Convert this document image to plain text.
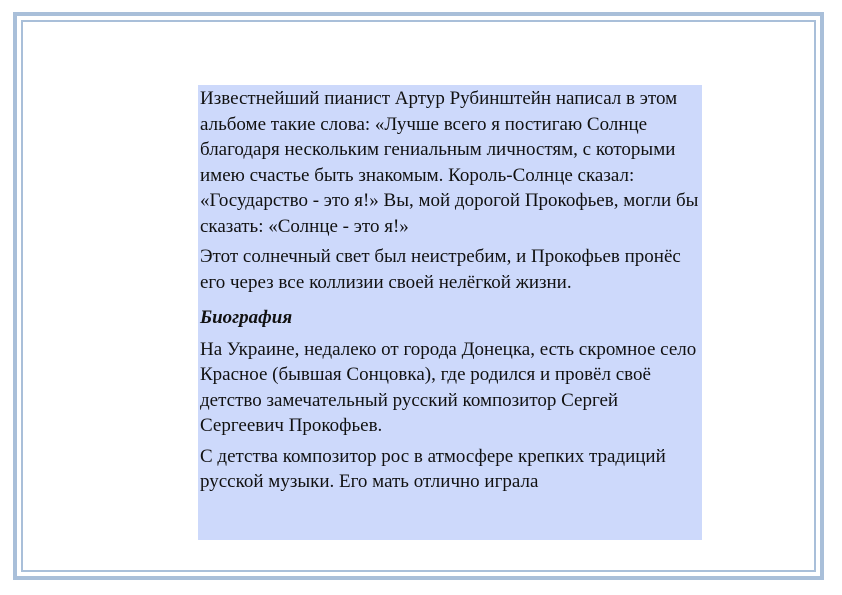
Известнейший пианист Артур Рубинштейн написал в этом альбоме такие слова: «Лучше всего я постигаю Солнце благодаря нескольким гениальным личностям, с которыми имею счастье быть знакомым. Король-Солнце сказал: «Государство - это я!» Вы, мой дорогой Прокофьев, могли бы сказать: «Солнце - это я!»

Этот солнечный свет был неистребим, и Прокофьев пронёс его через все коллизии своей нелёгкой жизни.

Биография

На Украине, недалеко от города Донецка, есть скромное село Красное (бывшая Сонцовка), где родился и провёл своё детство замечательный русский композитор Сергей Сергеевич Прокофьев.

С детства композитор рос в атмосфере крепких традиций русской музыки. Его мать отлично играла
